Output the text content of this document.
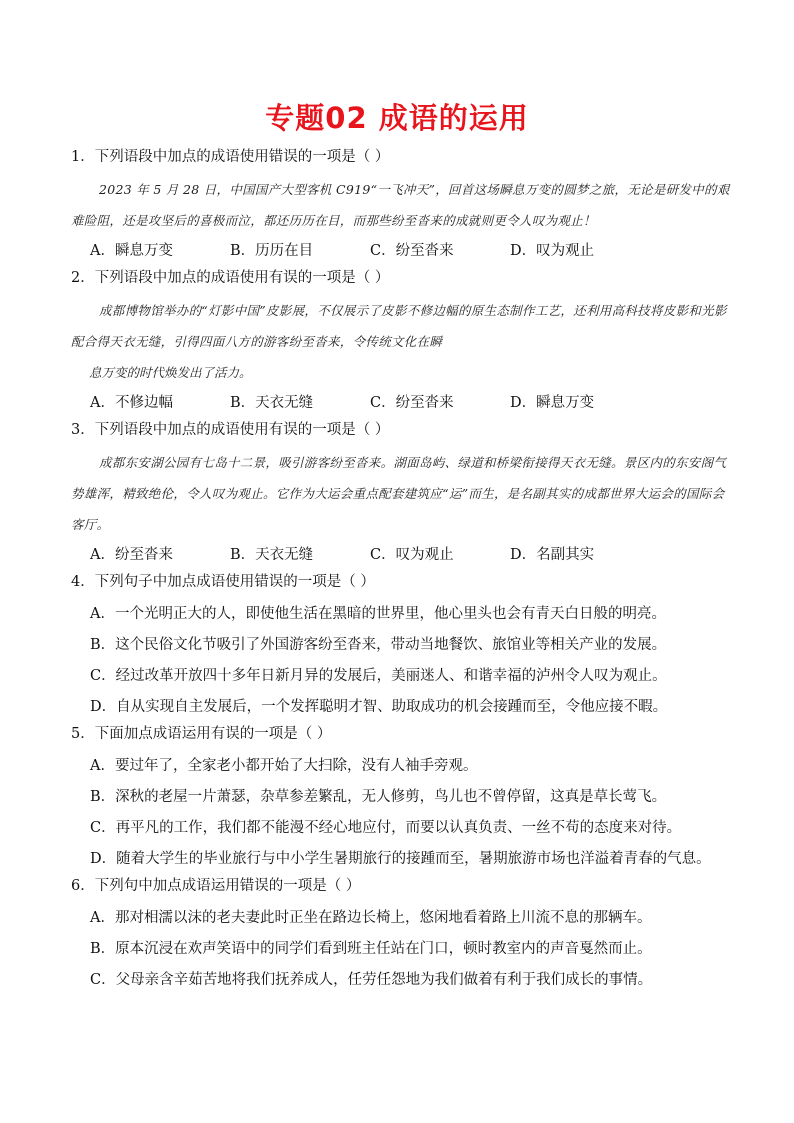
专题02 成语的运用
1．下列语段中加点的成语使用错误的一项是（ ）

2023 年 5 月 28 日，中国国产大型客机 C919“一飞冲天”，回首这场瞬息万变的圆梦之旅，无论是研发中的艰难险阻，还是攻坚后的喜极而泣，都还历历在目，而那些纷至沓来的成就则更令人叹为观止！

A．瞬息万变	B．历历在目	C．纷至沓来	D．叹为观止
2．下列语段中加点的成语使用有误的一项是（ ）

成都博物馆举办的“灯影中国”皮影展，不仅展示了皮影不修边幅的原生态制作工艺，还利用高科技将皮影和光影配合得天衣无缝，引得四面八方的游客纷至沓来，令传统文化在瞬

息万变的时代焕发出了活力。

A．不修边幅	B．天衣无缝	C．纷至沓来	D．瞬息万变
3．下列语段中加点的成语使用有误的一项是（ ）

成都东安湖公园有七岛十二景，吸引游客纷至沓来。湖面岛屿、绿道和桥梁衔接得天衣无缝。景区内的东安阁气势雄浑，精致绝伦，令人叹为观止。它作为大运会重点配套建筑应“运”而生，是名副其实的成都世界大运会的国际会客厅。

A．纷至沓来	B．天衣无缝	C．叹为观止	D．名副其实
4．下列句子中加点成语使用错误的一项是（ ）
A．一个光明正大的人，即使他生活在黑暗的世界里，他心里头也会有青天白日般的明亮。
B．这个民俗文化节吸引了外国游客纷至沓来，带动当地餐饮、旅馆业等相关产业的发展。
C．经过改革开放四十多年日新月异的发展后，美丽迷人、和谐幸福的泸州令人叹为观止。
D．自从实现自主发展后，一个发挥聪明才智、助取成功的机会接踵而至，令他应接不暇。
5．下面加点成语运用有误的一项是（ ）
A．要过年了，全家老小都开始了大扫除，没有人袖手旁观。
B．深秋的老屋一片萧瑟，杂草参差繁乱，无人修剪，鸟儿也不曾停留，这真是草长莺飞。
C．再平凡的工作，我们都不能漫不经心地应付，而要以认真负责、一丝不苟的态度来对待。
D．随着大学生的毕业旅行与中小学生暑期旅行的接踵而至，暑期旅游市场也洋溢着青春的气息。
6．下列句中加点成语运用错误的一项是（ ）
A．那对相濡以沫的老夫妻此时正坐在路边长椅上，悠闲地看着路上川流不息的那辆车。
B．原本沉浸在欢声笑语中的同学们看到班主任站在门口，顿时教室内的声音戛然而止。
C．父母亲含辛茹苦地将我们抚养成人，任劳任怨地为我们做着有利于我们成长的事情。
